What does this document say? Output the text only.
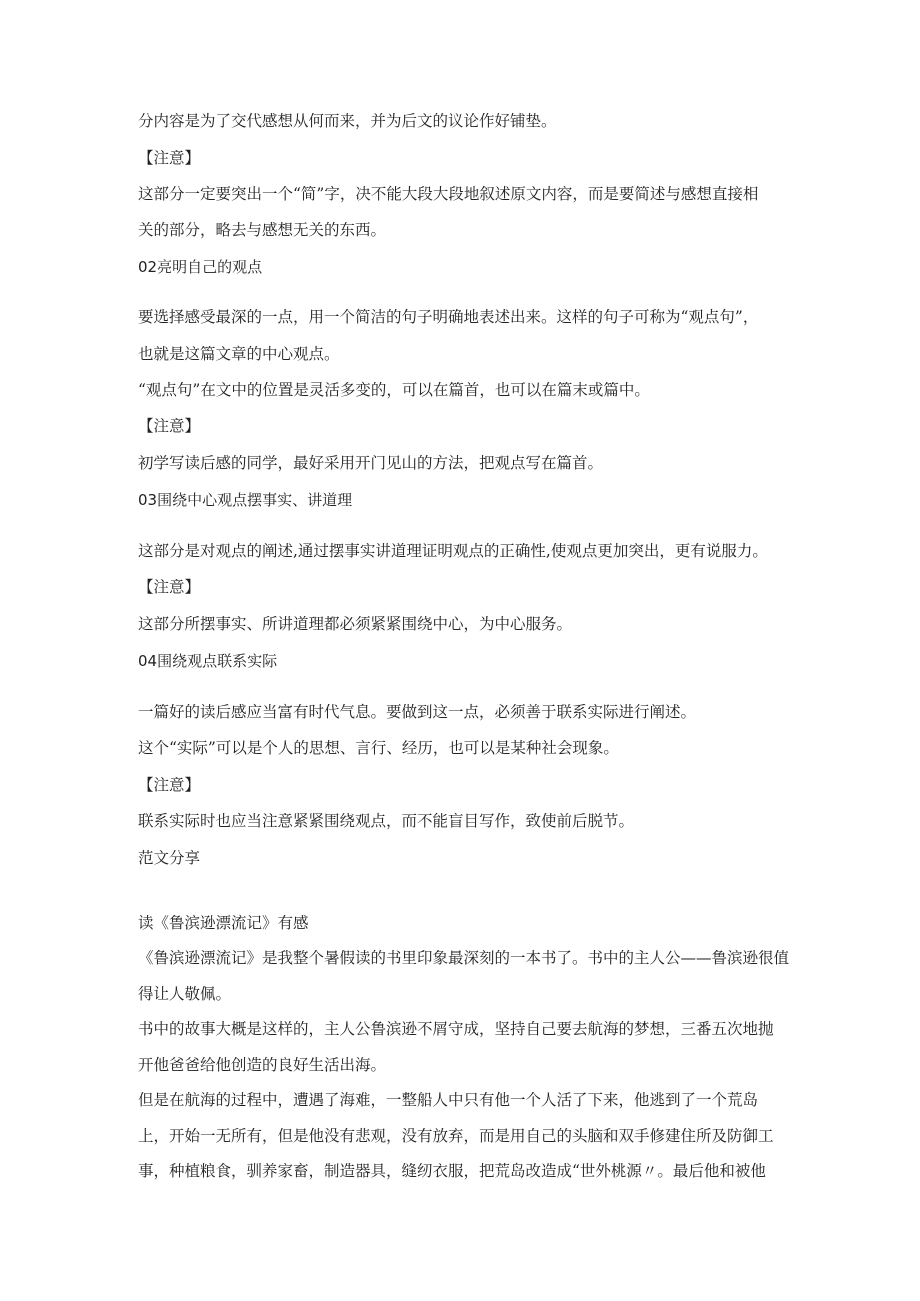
分内容是为了交代感想从何而来，并为后文的议论作好铺垫。
【注意】
这部分一定要突出一个“简”字，决不能大段大段地叙述原文内容，而是要简述与感想直接相
关的部分，略去与感想无关的东西。
02亮明自己的观点
要选择感受最深的一点，用一个简洁的句子明确地表述出来。这样的句子可称为“观点句”，
也就是这篇文章的中心观点。
“观点句”在文中的位置是灵活多变的，可以在篇首，也可以在篇末或篇中。
【注意】
初学写读后感的同学，最好采用开门见山的方法，把观点写在篇首。
03围绕中心观点摆事实、讲道理
这部分是对观点的阐述,通过摆事实讲道理证明观点的正确性,使观点更加突出，更有说服力。
【注意】
这部分所摆事实、所讲道理都必须紧紧围绕中心，为中心服务。
04围绕观点联系实际
一篇好的读后感应当富有时代气息。要做到这一点，必须善于联系实际进行阐述。
这个“实际”可以是个人的思想、言行、经历，也可以是某种社会现象。
【注意】
联系实际时也应当注意紧紧围绕观点，而不能盲目写作，致使前后脱节。
范文分享
读《鲁滨逊漂流记》有感
《鲁滨逊漂流记》是我整个暑假读的书里印象最深刻的一本书了。书中的主人公——鲁滨逊很值
得让人敬佩。
书中的故事大概是这样的，主人公鲁滨逊不屑守成，坚持自己要去航海的梦想，三番五次地抛
开他爸爸给他创造的良好生活出海。
但是在航海的过程中，遭遇了海难，一整船人中只有他一个人活了下来，他逃到了一个荒岛
上，开始一无所有，但是他没有悲观，没有放弃，而是用自己的头脑和双手修建住所及防御工
事，种植粮食，驯养家畜，制造器具，缝纫衣服，把荒岛改造成“世外桃源〃。最后他和被他
